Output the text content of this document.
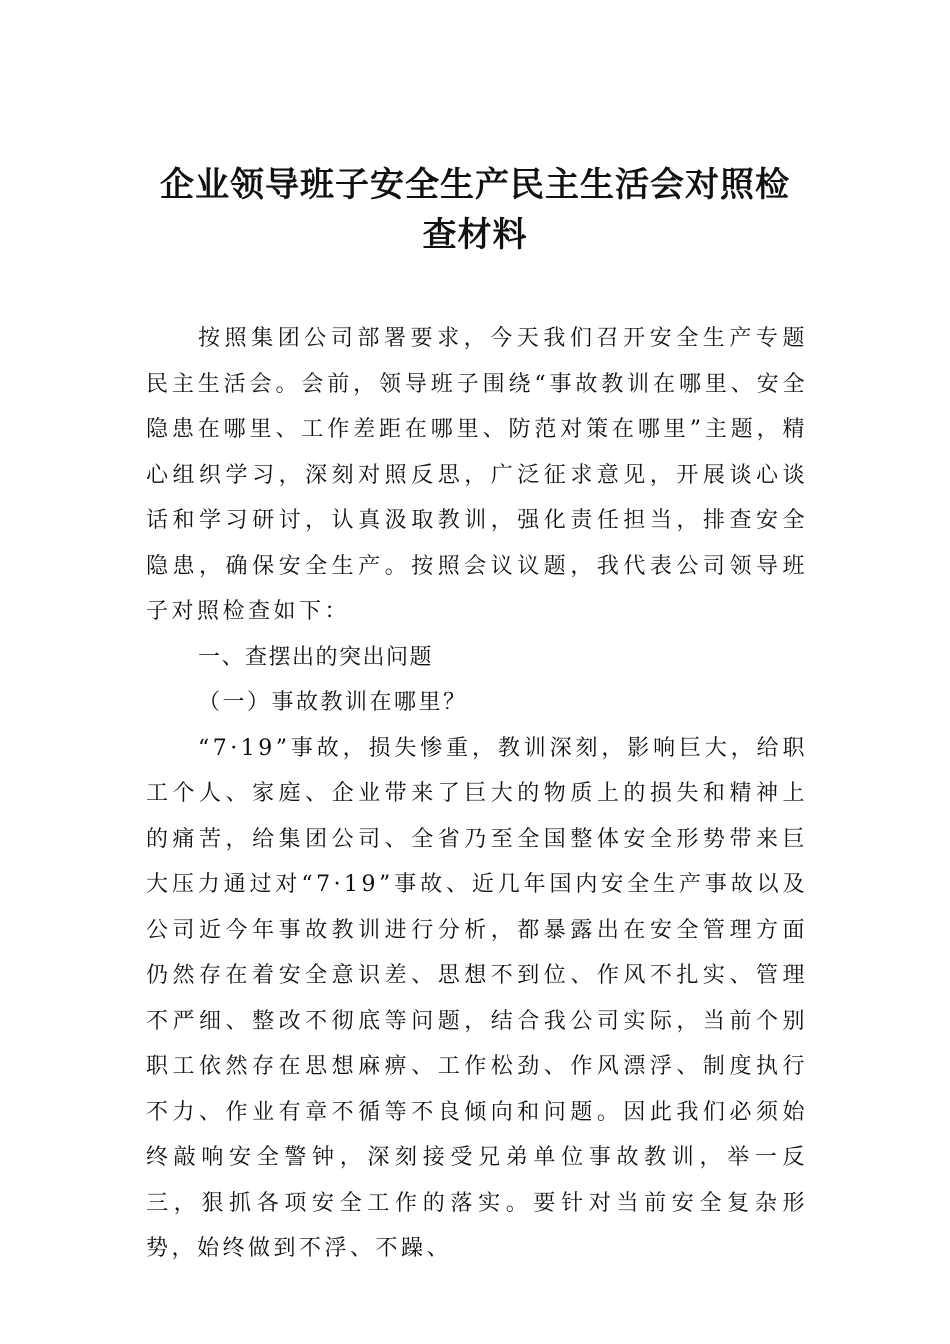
企业领导班子安全生产民主生活会对照检
查材料

按照集团公司部署要求，今天我们召开安全生产专题民主生活会。会前，领导班子围绕“事故教训在哪里、安全隐患在哪里、工作差距在哪里、防范对策在哪里”主题，精心组织学习，深刻对照反思，广泛征求意见，开展谈心谈话和学习研讨，认真汲取教训，强化责任担当，排查安全隐患，确保安全生产。按照会议议题，我代表公司领导班子对照检查如下：

一、查摆出的突出问题

（一）事故教训在哪里？

“7·19”事故，损失惨重，教训深刻，影响巨大，给职工个人、家庭、企业带来了巨大的物质上的损失和精神上的痛苦，给集团公司、全省乃至全国整体安全形势带来巨大压力通过对“7·19”事故、近几年国内安全生产事故以及公司近今年事故教训进行分析，都暴露出在安全管理方面仍然存在着安全意识差、思想不到位、作风不扎实、管理不严细、整改不彻底等问题，结合我公司实际，当前个别职工依然存在思想麻痹、工作松劲、作风漂浮、制度执行不力、作业有章不循等不良倾向和问题。因此我们必须始终敲响安全警钟，深刻接受兄弟单位事故教训，举一反三，狠抓各项安全工作的落实。要针对当前安全复杂形势，始终做到不浮、不躁、
